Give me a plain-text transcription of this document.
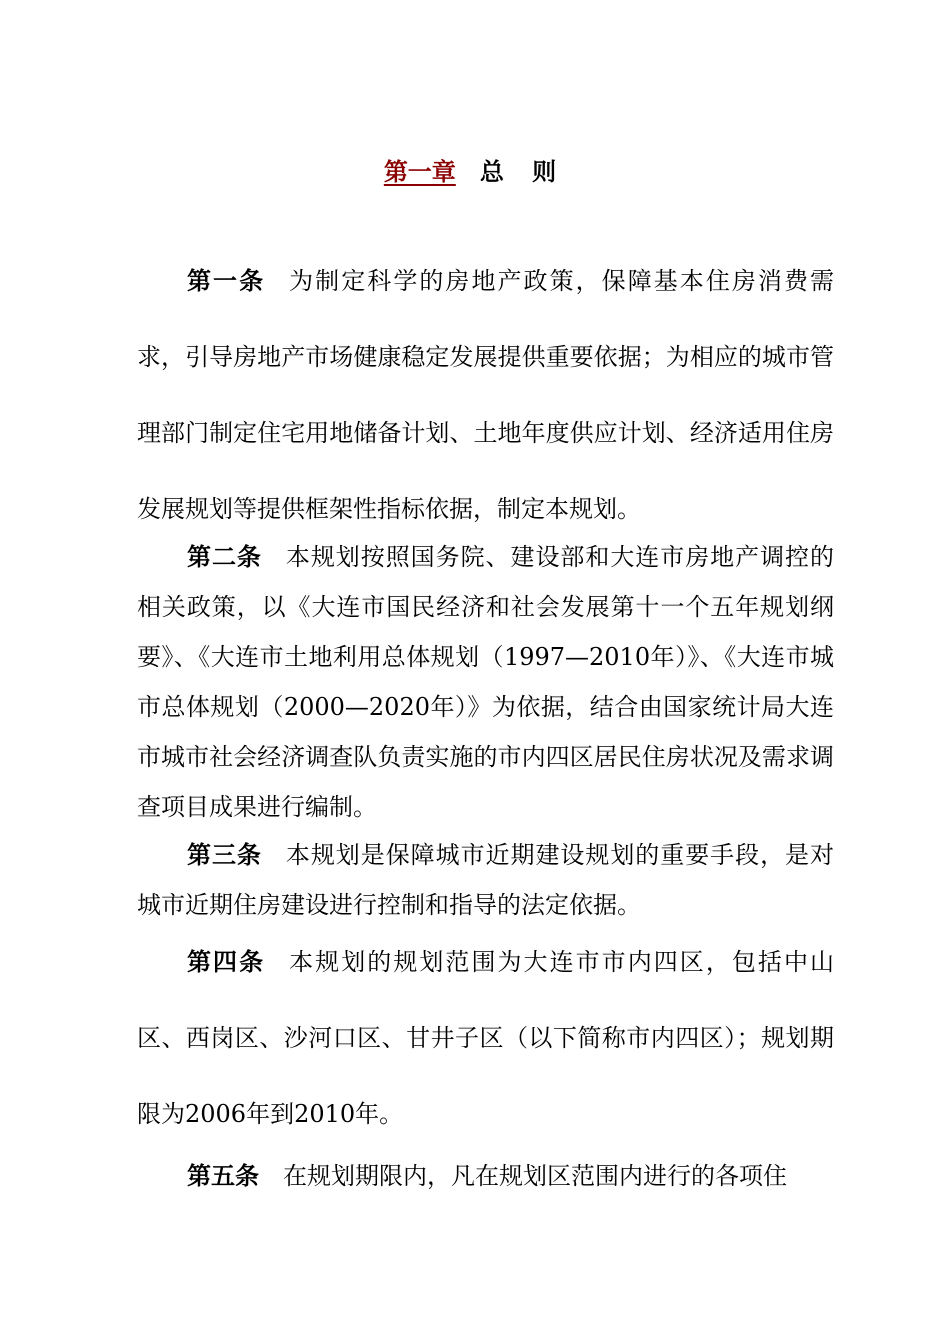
第一章 总 则

第一条 为制定科学的房地产政策，保障基本住房消费需求，引导房地产市场健康稳定发展提供重要依据；为相应的城市管理部门制定住宅用地储备计划、土地年度供应计划、经济适用住房发展规划等提供框架性指标依据，制定本规划。

第二条 本规划按照国务院、建设部和大连市房地产调控的相关政策，以《大连市国民经济和社会发展第十一个五年规划纲要》、《大连市土地利用总体规划（1997—2010年）》、《大连市城市总体规划（2000—2020年）》为依据，结合由国家统计局大连市城市社会经济调查队负责实施的市内四区居民住房状况及需求调查项目成果进行编制。

第三条 本规划是保障城市近期建设规划的重要手段，是对城市近期住房建设进行控制和指导的法定依据。

第四条 本规划的规划范围为大连市市内四区，包括中山区、西岗区、沙河口区、甘井子区（以下简称市内四区）；规划期限为2006年到2010年。

第五条 在规划期限内，凡在规划区范围内进行的各项住
